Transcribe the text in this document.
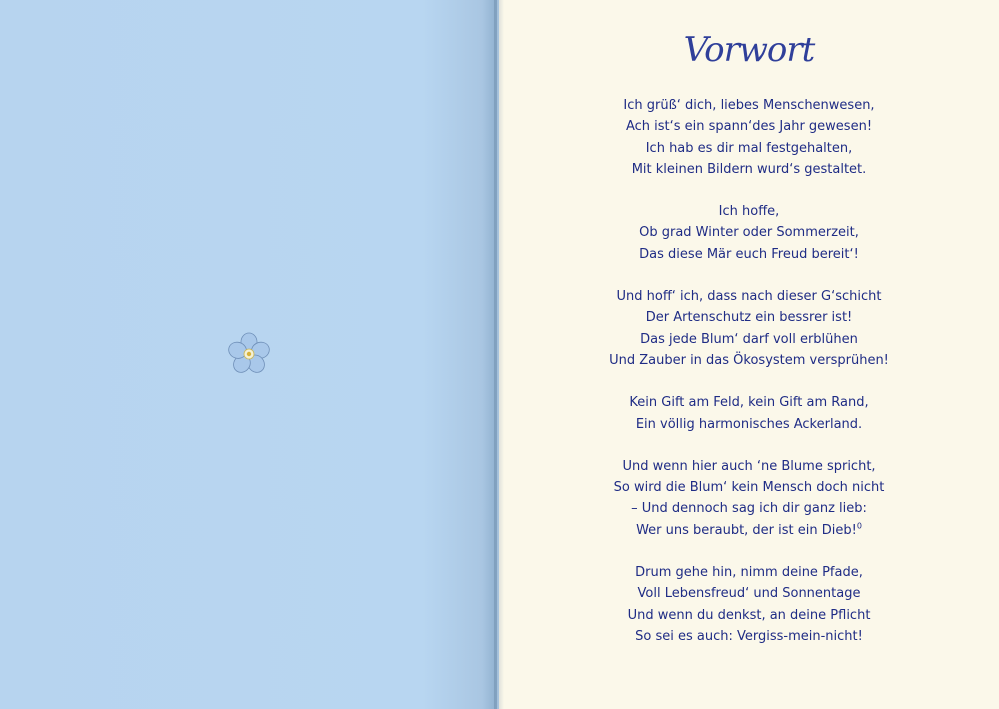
Vorwort
Ich grüß‘ dich, liebes Menschenwesen,
Ach ist‘s ein spann‘des Jahr gewesen!
Ich hab es dir mal festgehalten,
Mit kleinen Bildern wurd‘s gestaltet.
Ich hoffe,
Ob grad Winter oder Sommerzeit,
Das diese Mär euch Freud bereit‘!
Und hoff‘ ich, dass nach dieser G‘schicht
Der Artenschutz ein bessrer ist!
Das jede Blum‘ darf voll erblühen
Und Zauber in das Ökosystem versprühen!
Kein Gift am Feld, kein Gift am Rand,
Ein völlig harmonisches Ackerland.
Und wenn hier auch ‘ne Blume spricht,
So wird die Blum‘ kein Mensch doch nicht
– Und dennoch sag ich dir ganz lieb:
Wer uns beraubt, der ist ein Dieb!$^0$
Drum gehe hin, nimm deine Pfade,
Voll Lebensfreud‘ und Sonnentage
Und wenn du denkst, an deine Pflicht
So sei es auch: Vergiss-mein-nicht!
